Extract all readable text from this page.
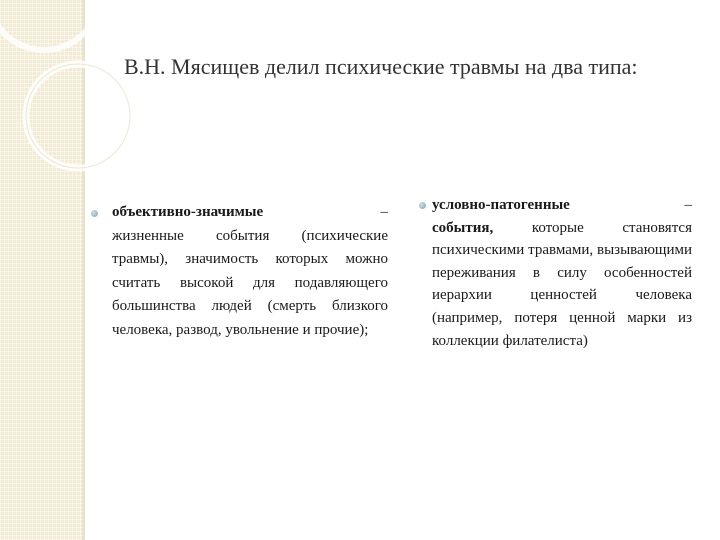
В.Н. Мясищев делил психические травмы на два типа:
объективно-значимые	–
жизненные события (психические травмы), значимость которых можно считать высокой для подавляющего большинства людей (смерть близкого человека, развод, увольнение и прочие);
условно-патогенные	–
события, которые становятся психическими травмами, вызывающими переживания в силу особенностей иерархии ценностей человека (например, потеря ценной марки из коллекции филателиста)
